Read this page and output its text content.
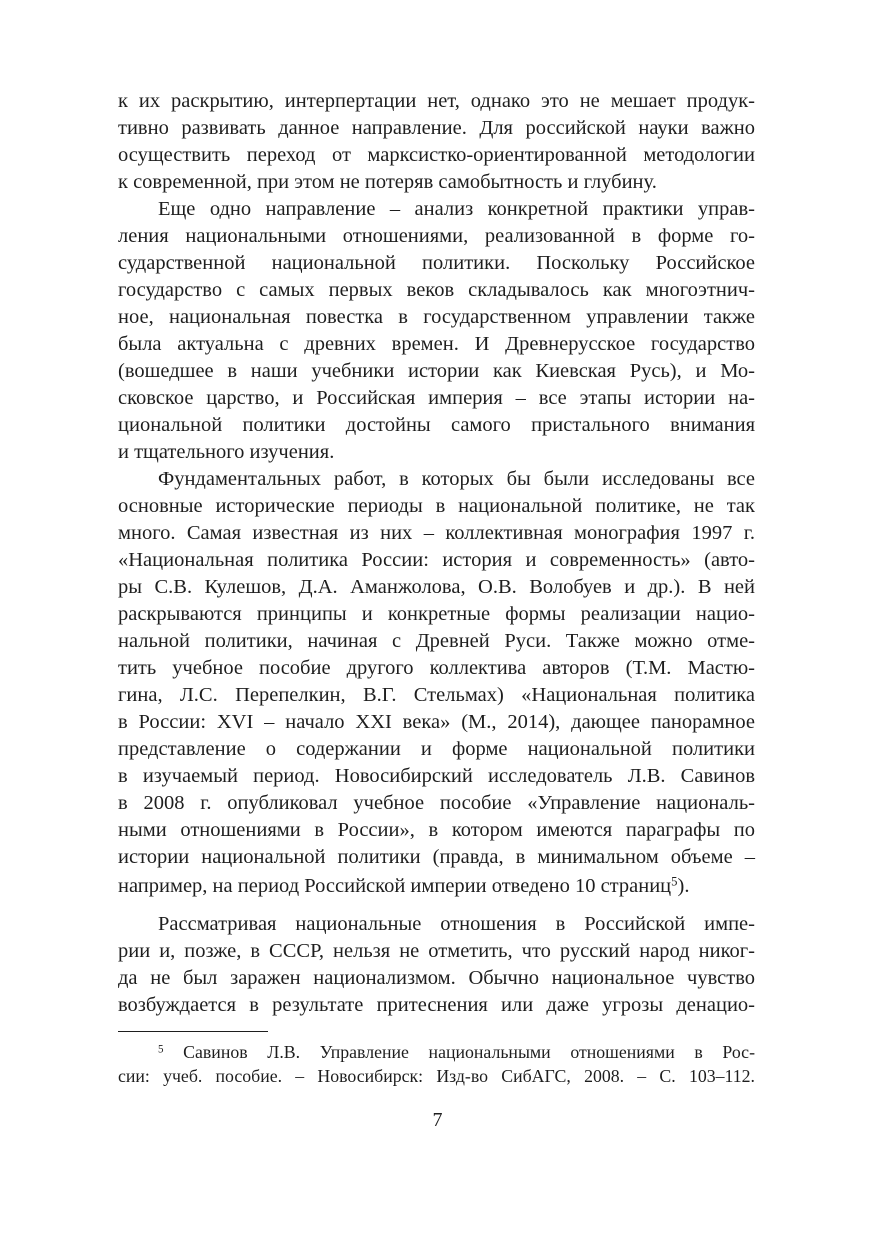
к их раскрытию, интерпертации нет, однако это не мешает продук-

тивно развивать данное направление. Для российской науки важно

осуществить переход от марксистко-ориентированной методологии

к современной, при этом не потеряв самобытность и глубину.

Еще одно направление – анализ конкретной практики управ-

ления национальными отношениями, реализованной в форме го-

сударственной национальной политики. Поскольку Российское

государство с самых первых веков складывалось как многоэтнич-

ное, национальная повестка в государственном управлении также

была актуальна с древних времен. И Древнерусское государство

(вошедшее в наши учебники истории как Киевская Русь), и Мо-

сковское царство, и Российская империя – все этапы истории на-

циональной политики достойны самого пристального внимания

и тщательного изучения.

Фундаментальных работ, в которых бы были исследованы все

основные исторические периоды в национальной политике, не так

много. Самая известная из них – коллективная монография 1997 г.

«Национальная политика России: история и современность» (авто-

ры С.В. Кулешов, Д.А. Аманжолова, О.В. Волобуев и др.). В ней

раскрываются принципы и конкретные формы реализации нацио-

нальной политики, начиная с Древней Руси. Также можно отме-

тить учебное пособие другого коллектива авторов (Т.М. Мастю-

гина, Л.С. Перепелкин, В.Г. Стельмах) «Национальная политика

в России: XVI – начало XXI века» (М., 2014), дающее панорамное

представление о содержании и форме национальной политики

в изучаемый период. Новосибирский исследователь Л.В. Савинов

в 2008 г. опубликовал учебное пособие «Управление националь-

ными отношениями в России», в котором имеются параграфы по

истории национальной политики (правда, в минимальном объеме –

например, на период Российской империи отведено 10 страниц$^5$).

Рассматривая национальные отношения в Российской импе-

рии и, позже, в СССР, нельзя не отметить, что русский народ никог-

да не был заражен национализмом. Обычно национальное чувство

возбуждается в результате притеснения или даже угрозы денацио-

$^5$ Савинов Л.В. Управление национальными отношениями в Рос-

сии: учеб. пособие. – Новосибирск: Изд-во СибАГС, 2008. – С. 103–112.

7
